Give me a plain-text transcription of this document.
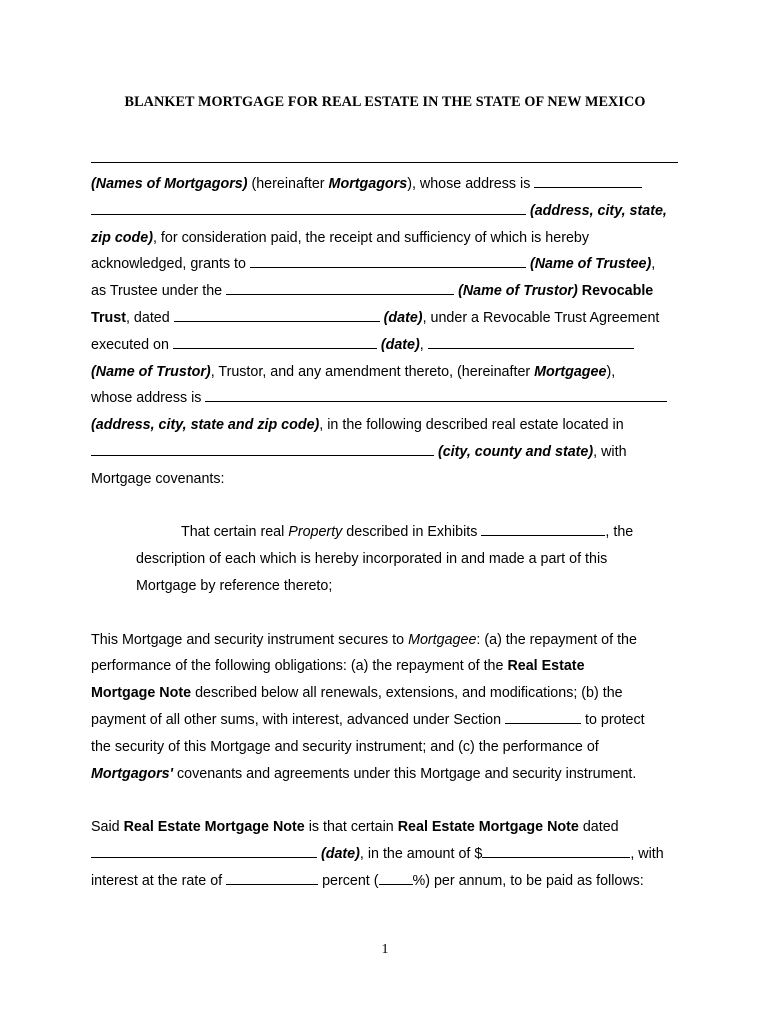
BLANKET MORTGAGE FOR REAL ESTATE IN THE STATE OF NEW MEXICO
(Names of Mortgagors) (hereinafter Mortgagors), whose address is
(address, city, state,
zip code), for consideration paid, the receipt and sufficiency of which is hereby
acknowledged, grants to	(Name of Trustee),
as Trustee under the	(Name of Trustor) Revocable
Trust, dated	(date), under a Revocable Trust Agreement
executed on	(date),
(Name of Trustor), Trustor, and any amendment thereto, (hereinafter Mortgagee),
whose address is
(address, city, state and zip code), in the following described real estate located in
(city, county and state), with
Mortgage covenants:
That certain real Property described in Exhibits	, the
description of each which is hereby incorporated in and made a part of this
Mortgage by reference thereto;
This Mortgage and security instrument secures to Mortgagee: (a) the repayment of the
performance of the following obligations: (a) the repayment of the Real Estate
Mortgage Note described below all renewals, extensions, and modifications; (b) the
payment of all other sums, with interest, advanced under Section	to protect
the security of this Mortgage and security instrument; and (c) the performance of
Mortgagors' covenants and agreements under this Mortgage and security instrument.
Said Real Estate Mortgage Note is that certain Real Estate Mortgage Note dated
(date), in the amount of $	, with
interest at the rate of	percent ( %) per annum, to be paid as follows:
1
